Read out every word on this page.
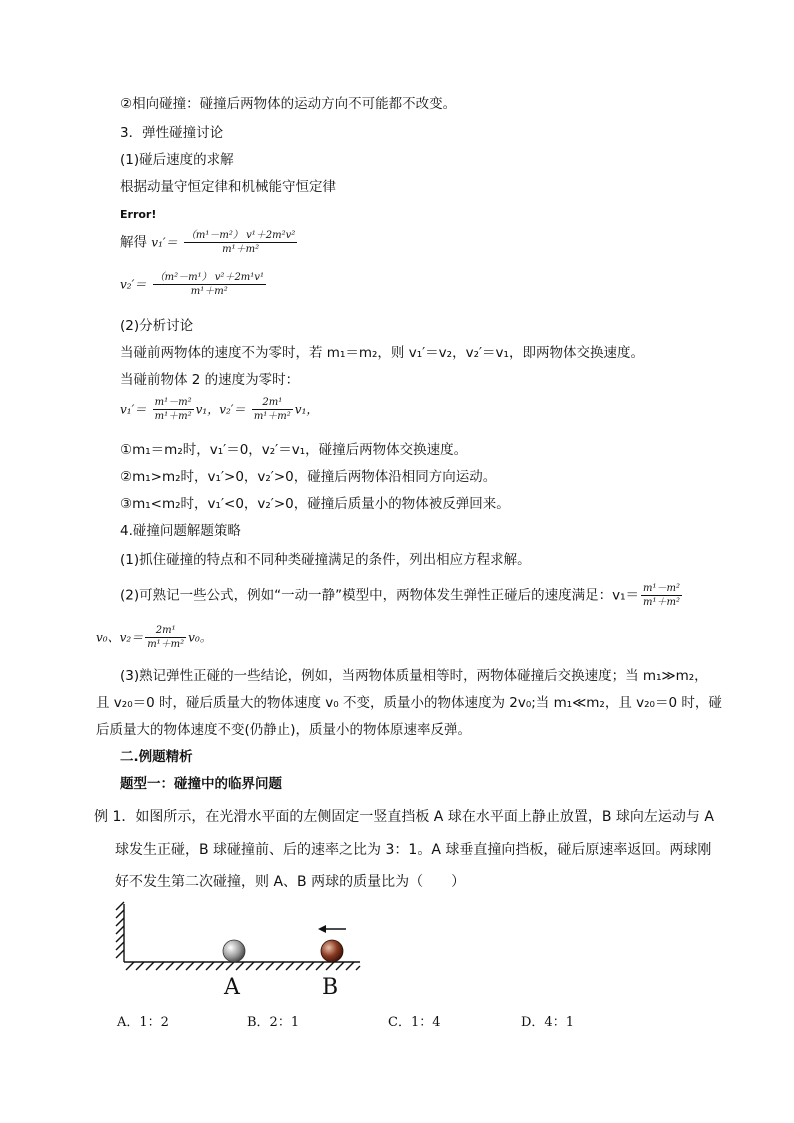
②相向碰撞：碰撞后两物体的运动方向不可能都不改变。
3．弹性碰撞讨论
(1)碰后速度的求解
根据动量守恒定律和机械能守恒定律
Error!
解得 $v_1'= \frac{\text{（m¹－m²） v¹＋2m²v²}}{\text{m¹＋m²}}$
$v_2'= \frac{\text{（m²－m¹） v²＋2m¹v¹}}{\text{m¹＋m²}}$
(2)分析讨论
当碰前两物体的速度不为零时，若 m₁＝m₂，则 v₁′＝v₂，v₂′＝v₁，即两物体交换速度。
当碰前物体 2 的速度为零时：
$v_1'= \frac{\text{m¹－m²}}{\text{m¹＋m²}} v_1$，$v_2'= \frac{\text{2m¹}}{\text{m¹＋m²}} v_1$，
①m₁＝m₂时，v₁′＝0，v₂′＝v₁，碰撞后两物体交换速度。
②m₁>m₂时，v₁′>0，v₂′>0，碰撞后两物体沿相同方向运动。
③m₁<m₂时，v₁′<0，v₂′>0，碰撞后质量小的物体被反弹回来。
4.碰撞问题解题策略
(1)抓住碰撞的特点和不同种类碰撞满足的条件，列出相应方程求解。
(2)可熟记一些公式，例如“一动一静”模型中，两物体发生弹性正碰后的速度满足：$v_1= \frac{\text{m¹－m²}}{\text{m¹＋m²}}$
v₀、$v_2= \frac{\text{2m¹}}{\text{m¹＋m²}} v_0$。
(3)熟记弹性正碰的一些结论，例如，当两物体质量相等时，两物体碰撞后交换速度；当 m₁≫m₂，
且 v₂₀＝0 时，碰后质量大的物体速度 v₀ 不变，质量小的物体速度为 2v₀;当 m₁≪m₂，且 v₂₀＝0 时，碰
后质量大的物体速度不变(仍静止)，质量小的物体原速率反弹。
二.例题精析
题型一：碰撞中的临界问题
例 1．如图所示，在光滑水平面的左侧固定一竖直挡板 A 球在水平面上静止放置，B 球向左运动与 A
球发生正碰，B 球碰撞前、后的速率之比为 3：1。A 球垂直撞向挡板，碰后原速率返回。两球刚
好不发生第二次碰撞，则 A、B 两球的质量比为（　　）
A	B
A．1：2	B．2：1	C．1：4	D．4：1
